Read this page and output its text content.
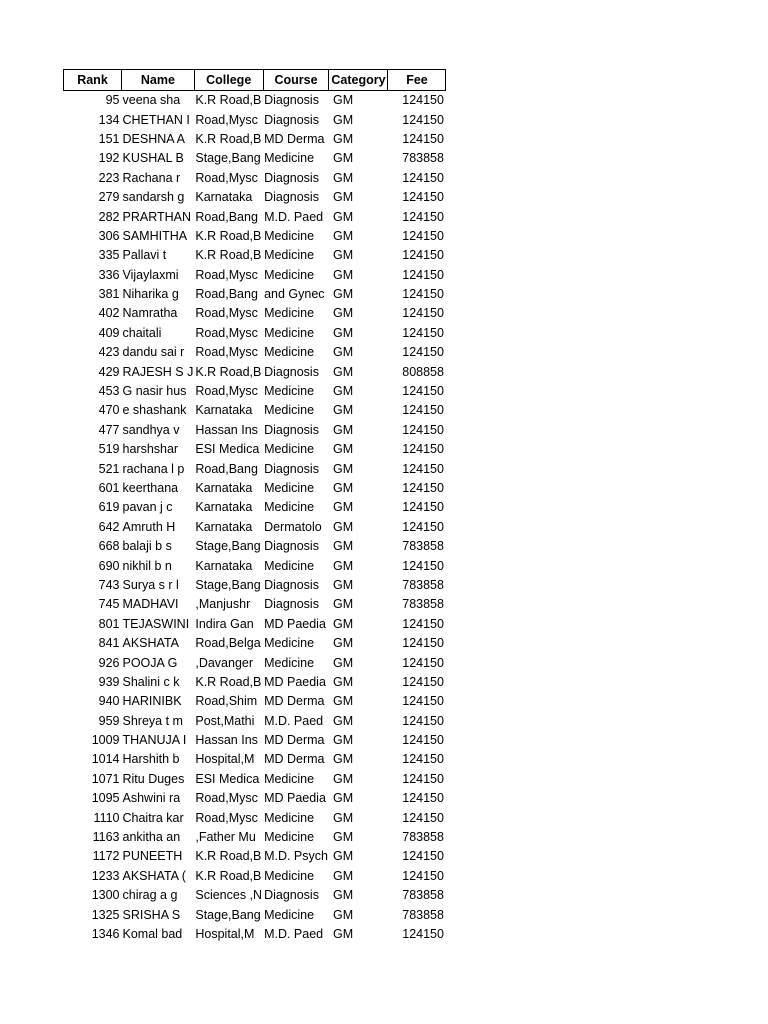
Rank	Name	College	Course	Category	Fee
95	veena sha	K.R Road,B	Diagnosis	GM	124150
134	CHETHAN I	Road,Mysc	Diagnosis	GM	124150
151	DESHNA A	K.R Road,B	MD Derma	GM	124150
192	KUSHAL B	Stage,Bang	Medicine	GM	783858
223	Rachana r	Road,Mysc	Diagnosis	GM	124150
279	sandarsh g	Karnataka	Diagnosis	GM	124150
282	PRARTHAN	Road,Bang	M.D. Paed	GM	124150
306	SAMHITHA	K.R Road,B	Medicine	GM	124150
335	Pallavi t	K.R Road,B	Medicine	GM	124150
336	Vijaylaxmi	Road,Mysc	Medicine	GM	124150
381	Niharika g	Road,Bang	and Gynec	GM	124150
402	Namratha	Road,Mysc	Medicine	GM	124150
409	chaitali	Road,Mysc	Medicine	GM	124150
423	dandu sai r	Road,Mysc	Medicine	GM	124150
429	RAJESH S J	K.R Road,B	Diagnosis	GM	808858
453	G nasir hus	Road,Mysc	Medicine	GM	124150
470	e shashank	Karnataka	Medicine	GM	124150
477	sandhya v	Hassan Ins	Diagnosis	GM	124150
519	harshshar	ESI Medica	Medicine	GM	124150
521	rachana l p	Road,Bang	Diagnosis	GM	124150
601	keerthana	Karnataka	Medicine	GM	124150
619	pavan j c	Karnataka	Medicine	GM	124150
642	Amruth H	Karnataka	Dermatolo	GM	124150
668	balaji b s	Stage,Bang	Diagnosis	GM	783858
690	nikhil b n	Karnataka	Medicine	GM	124150
743	Surya s r l	Stage,Bang	Diagnosis	GM	783858
745	MADHAVI	,Manjushr	Diagnosis	GM	783858
801	TEJASWINI	Indira Gan	MD Paedia	GM	124150
841	AKSHATA	Road,Belga	Medicine	GM	124150
926	POOJA G	,Davanger	Medicine	GM	124150
939	Shalini c k	K.R Road,B	MD Paedia	GM	124150
940	HARINIBK	Road,Shim	MD Derma	GM	124150
959	Shreya t m	Post,Mathi	M.D. Paed	GM	124150
1009	THANUJA I	Hassan Ins	MD Derma	GM	124150
1014	Harshith b	Hospital,M	MD Derma	GM	124150
1071	Ritu Duges	ESI Medica	Medicine	GM	124150
1095	Ashwini ra	Road,Mysc	MD Paedia	GM	124150
1110	Chaitra kar	Road,Mysc	Medicine	GM	124150
1163	ankitha an	,Father Mu	Medicine	GM	783858
1172	PUNEETH	K.R Road,B	M.D. Psych	GM	124150
1233	AKSHATA (	K.R Road,B	Medicine	GM	124150
1300	chirag a g	Sciences ,N	Diagnosis	GM	783858
1325	SRISHA S	Stage,Bang	Medicine	GM	783858
1346	Komal bad	Hospital,M	M.D. Paed	GM	124150
